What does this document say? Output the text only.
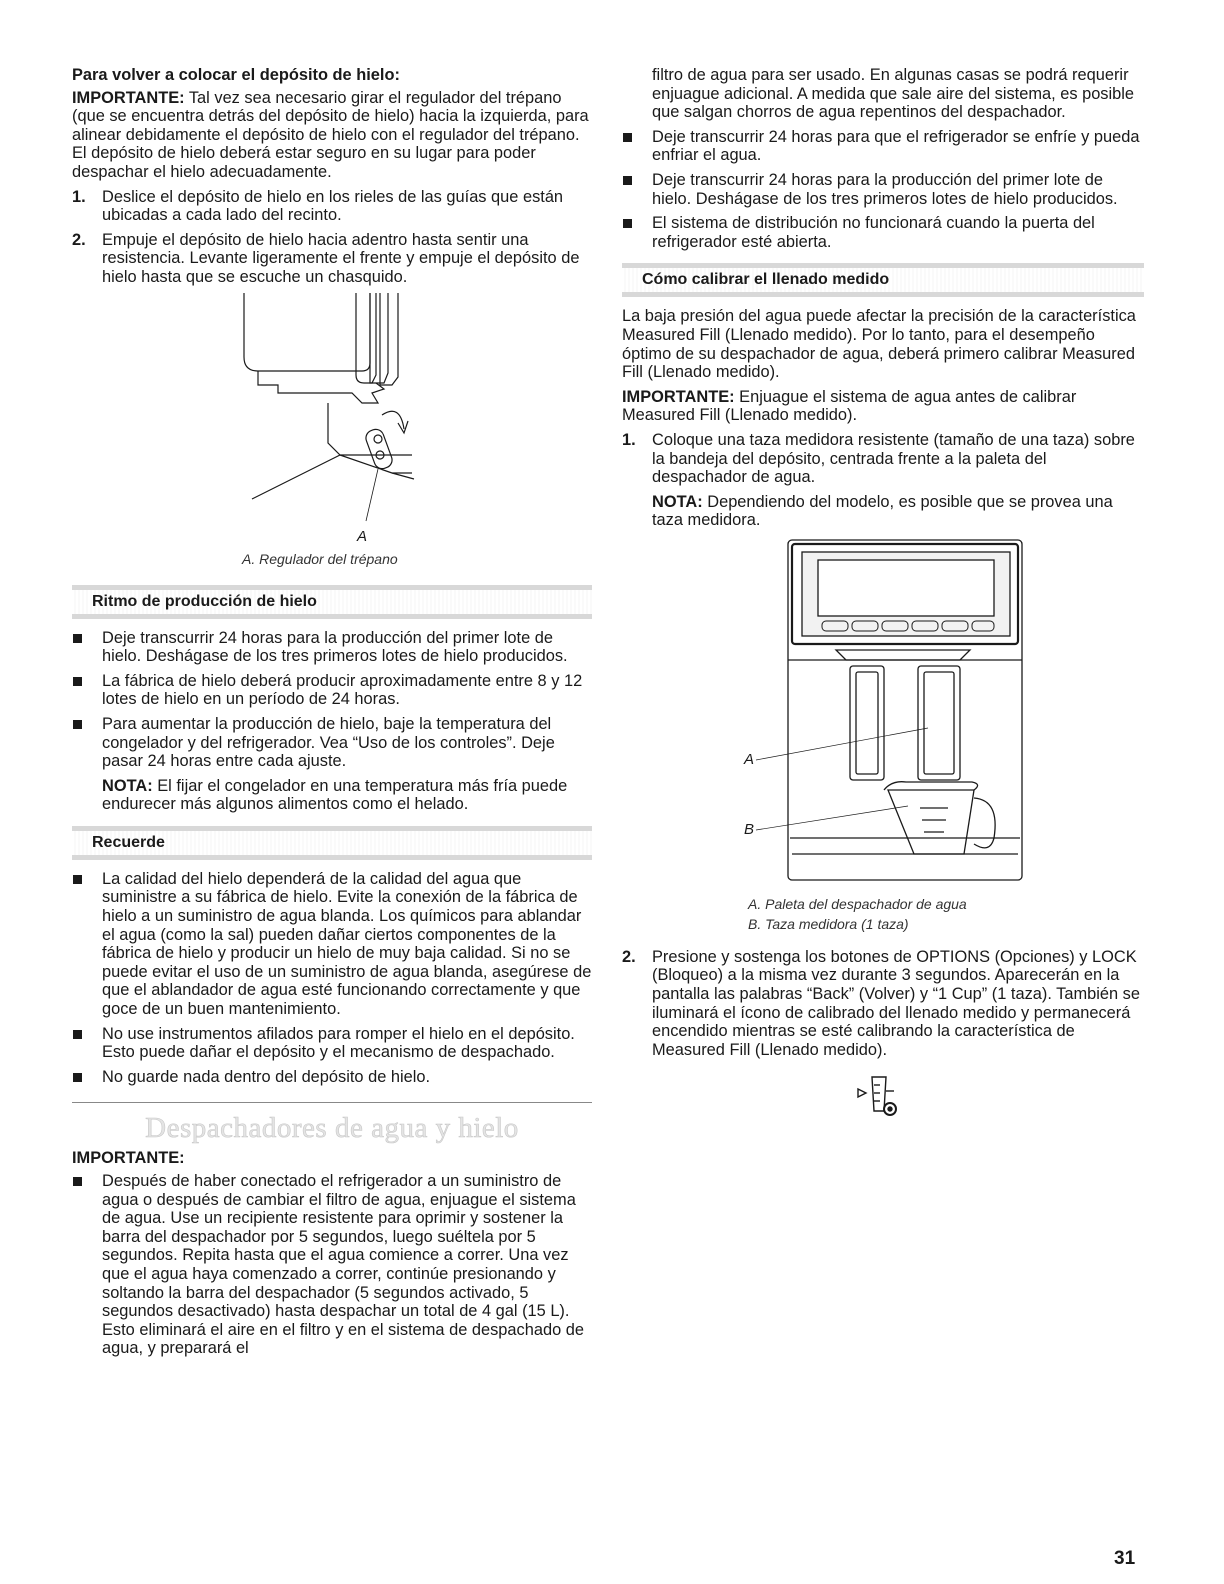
Para volver a colocar el depósito de hielo:

IMPORTANTE: Tal vez sea necesario girar el regulador del trépano (que se encuentra detrás del depósito de hielo) hacia la izquierda, para alinear debidamente el depósito de hielo con el regulador del trépano. El depósito de hielo deberá estar seguro en su lugar para poder despachar el hielo adecuadamente.

1. Deslice el depósito de hielo en los rieles de las guías que están ubicadas a cada lado del recinto.
2. Empuje el depósito de hielo hacia adentro hasta sentir una resistencia. Levante ligeramente el frente y empuje el depósito de hielo hasta que se escuche un chasquido.
A
A. Regulador del trépano
Ritmo de producción de hielo
Deje transcurrir 24 horas para la producción del primer lote de hielo. Deshágase de los tres primeros lotes de hielo producidos.
La fábrica de hielo deberá producir aproximadamente entre 8 y 12 lotes de hielo en un período de 24 horas.
Para aumentar la producción de hielo, baje la temperatura del congelador y del refrigerador. Vea “Uso de los controles”. Deje pasar 24 horas entre cada ajuste.

NOTA: El fijar el congelador en una temperatura más fría puede endurecer más algunos alimentos como el helado.

Recuerde
La calidad del hielo dependerá de la calidad del agua que suministre a su fábrica de hielo. Evite la conexión de la fábrica de hielo a un suministro de agua blanda. Los químicos para ablandar el agua (como la sal) pueden dañar ciertos componentes de la fábrica de hielo y producir un hielo de muy baja calidad. Si no se puede evitar el uso de un suministro de agua blanda, asegúrese de que el ablandador de agua esté funcionando correctamente y que goce de un buen mantenimiento.
No use instrumentos afilados para romper el hielo en el depósito. Esto puede dañar el depósito y el mecanismo de despachado.
No guarde nada dentro del depósito de hielo.
Despachadores de agua y hielo

IMPORTANTE:

Después de haber conectado el refrigerador a un suministro de agua o después de cambiar el filtro de agua, enjuague el sistema de agua. Use un recipiente resistente para oprimir y sostener la barra del despachador por 5 segundos, luego suéltela por 5 segundos. Repita hasta que el agua comience a correr. Una vez que el agua haya comenzado a correr, continúe presionando y soltando la barra del despachador (5 segundos activado, 5 segundos desactivado) hasta despachar un total de 4 gal (15 L). Esto eliminará el aire en el filtro y en el sistema de despachado de agua, y preparará el

filtro de agua para ser usado. En algunas casas se podrá requerir enjuague adicional. A medida que sale aire del sistema, es posible que salgan chorros de agua repentinos del despachador.

Deje transcurrir 24 horas para que el refrigerador se enfríe y pueda enfriar el agua.
Deje transcurrir 24 horas para la producción del primer lote de hielo. Deshágase de los tres primeros lotes de hielo producidos.
El sistema de distribución no funcionará cuando la puerta del refrigerador esté abierta.
Cómo calibrar el llenado medido

La baja presión del agua puede afectar la precisión de la característica Measured Fill (Llenado medido). Por lo tanto, para el desempeño óptimo de su despachador de agua, deberá primero calibrar Measured Fill (Llenado medido).

IMPORTANTE: Enjuague el sistema de agua antes de calibrar Measured Fill (Llenado medido).

1. Coloque una taza medidora resistente (tamaño de una taza) sobre la bandeja del depósito, centrada frente a la paleta del despachador de agua.

NOTA: Dependiendo del modelo, es posible que se provea una taza medidora.

A
B
A. Paleta del despachador de agua
B. Taza medidora (1 taza)
2. Presione y sostenga los botones de OPTIONS (Opciones) y LOCK (Bloqueo) a la misma vez durante 3 segundos. Aparecerán en la pantalla las palabras “Back” (Volver) y “1 Cup” (1 taza). También se iluminará el ícono de calibrado del llenado medido y permanecerá encendido mientras se esté calibrando la característica de Measured Fill (Llenado medido).
31
